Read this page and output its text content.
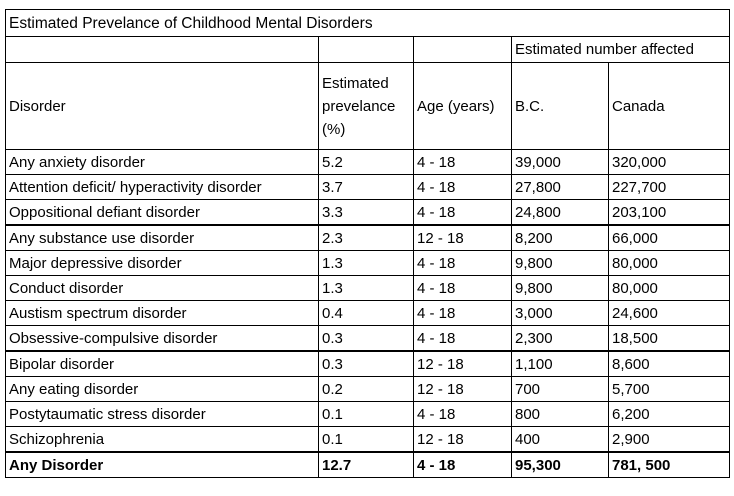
Estimated Prevelance of Childhood Mental Disorders				
			Estimated number affected	
Disorder	Estimated prevelance (%)	Age (years)	B.C.	Canada
Any anxiety disorder	5.2	4 - 18	39,000	320,000
Attention deficit/ hyperactivity disorder	3.7	4 - 18	27,800	227,700
Oppositional defiant disorder	3.3	4 - 18	24,800	203,100
Any substance use disorder	2.3	12 - 18	8,200	66,000
Major depressive disorder	1.3	4 - 18	9,800	80,000
Conduct disorder	1.3	4 - 18	9,800	80,000
Austism spectrum disorder	0.4	4 - 18	3,000	24,600
Obsessive-compulsive disorder	0.3	4 - 18	2,300	18,500
Bipolar disorder	0.3	12 - 18	1,100	8,600
Any eating disorder	0.2	12 - 18	700	5,700
Postytaumatic stress disorder	0.1	4 - 18	800	6,200
Schizophrenia	0.1	12 - 18	400	2,900
Any Disorder	12.7	4 - 18	95,300	781, 500
